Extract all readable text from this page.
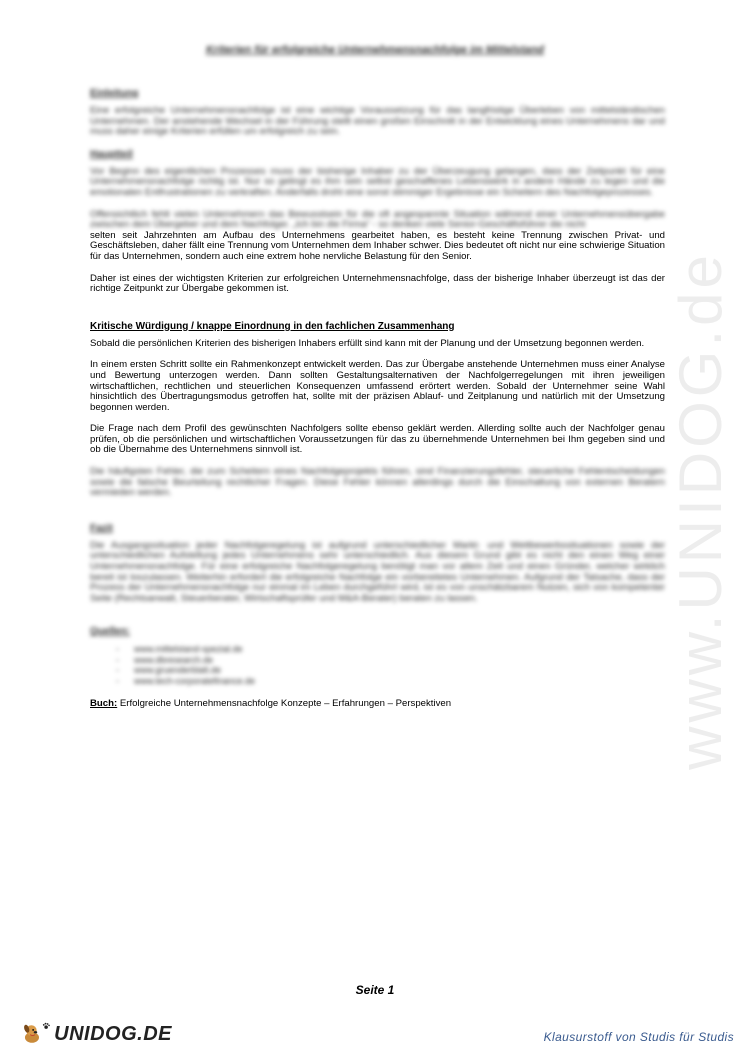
www.UNIDOG.de
Kriterien für erfolgreiche Unternehmensnachfolge im Mittelstand
Einleitung
Eine erfolgreiche Unternehmensnachfolge ist eine wichtige Voraussetzung für das langfristige Überleben von mittelständischen Unternehmen. Der anstehende Wechsel in der Führung stellt einen großen Einschnitt in der Entwicklung eines Unternehmens dar und muss daher einige Kriterien erfüllen um erfolgreich zu sein.
Hauptteil
Vor Beginn des eigentlichen Prozesses muss der bisherige Inhaber zu der Überzeugung gelangen, dass der Zeitpunkt für eine Unternehmensnachfolge richtig ist. Nur so gelingt es ihm sein selbst geschaffenes Lebenswerk in andere Hände zu legen und die emotionalen Entfrustrationen zu verkraften. Anderfalls droht eine sonst stimmiger Ergebnisse ein Scheitern des Nachfolgeprozesses.
Offensichtlich fehlt vielen Unternehmern das Bewusstsein für die oft angespannte Situation während einer Unternehmensübergabe zwischen dem Übergeber und dem Nachfolger. „Ich bin die Firma“ - so denken viele Senior-Geschäftsführer die nicht
selten seit Jahrzehnten am Aufbau des Unternehmens gearbeitet haben, es besteht keine Trennung zwischen Privat- und Geschäftsleben, daher fällt eine Trennung vom Unternehmen dem Inhaber schwer. Dies bedeutet oft nicht nur eine schwierige Situation für das Unternehmen, sondern auch eine extrem hohe nervliche Belastung für den Senior.
Daher ist eines der wichtigsten Kriterien zur erfolgreichen Unternehmensnachfolge, dass der bisherige Inhaber überzeugt ist das der richtige Zeitpunkt zur Übergabe gekommen ist.
Kritische Würdigung / knappe Einordnung in den fachlichen Zusammenhang
Sobald die persönlichen Kriterien des bisherigen Inhabers erfüllt sind kann mit der Planung und der Umsetzung begonnen werden.
In einem ersten Schritt sollte ein Rahmenkonzept entwickelt werden. Das zur Übergabe anstehende Unternehmen muss einer Analyse und Bewertung unterzogen werden. Dann sollten Gestaltungsalternativen der Nachfolgerregelungen mit ihren jeweiligen wirtschaftlichen, rechtlichen und steuerlichen Konsequenzen umfassend erörtert werden. Sobald der Unternehmer seine Wahl hinsichtlich des Übertragungsmodus getroffen hat, sollte mit der präzisen Ablauf- und Zeitplanung und natürlich mit der Umsetzung begonnen werden.
Die Frage nach dem Profil des gewünschten Nachfolgers sollte ebenso geklärt werden. Allerding sollte auch der Nachfolger genau prüfen, ob die persönlichen und wirtschaftlichen Voraussetzungen für das zu übernehmende Unternehmen bei Ihm gegeben sind und ob die Übernahme des Unternehmens sinnvoll ist.
Die häufigsten Fehler, die zum Scheitern eines Nachfolgeprojekts führen, sind Finanzierungsfehler, steuerliche Fehlentscheidungen sowie die falsche Beurteilung rechtlicher Fragen. Diese Fehler können allerdings durch die Einschaltung von externen Beratern vermieden werden.
Fazit
Die Ausgangssituation jeder Nachfolgeregelung ist aufgrund unterschiedlicher Markt- und Wettbewerbssituationen sowie der unterschiedlichen Aufstellung jedes Unternehmens sehr unterschiedlich. Aus diesem Grund gibt es nicht den einen Weg einer Unternehmensnachfolge. Für eine erfolgreiche Nachfolgeregelung benötigt man vor allem Zeit und einen Gründer, welcher wirklich bereit ist loszulassen. Weiterhin erfordert die erfolgreiche Nachfolge ein vorbereitetes Unternehmen. Aufgrund der Tatsache, dass der Prozess der Unternehmensnachfolge nur einmal im Leben durchgeführt wird, ist es von unschätzbarem Nutzen, sich von kompetenter Seite (Rechtsanwalt, Steuerberater, Wirtschaftsprüfer und M&A-Berater) beraten zu lassen.
Quellen:
- www.mittelstand-spezial.de
- www.dbresearch.de
- www.gruenderblatt.de
- www.tech-corporatefinance.de
Buch: Erfolgreiche Unternehmensnachfolge Konzepte – Erfahrungen – Perspektiven
Seite 1
UNIDOG.DE	Klausurstoff von Studis für Studis
